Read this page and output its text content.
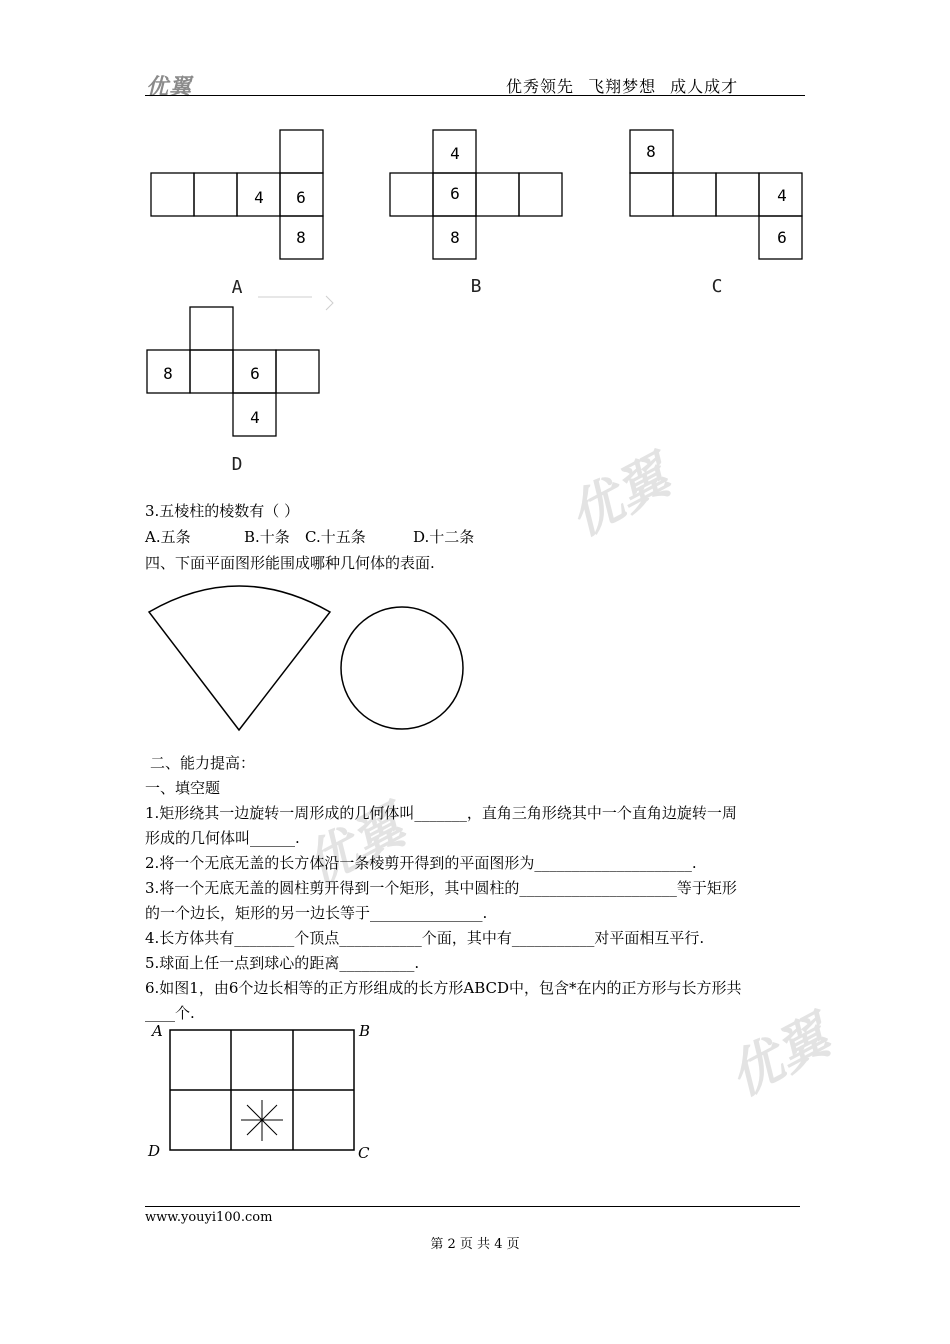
优翼	优秀领先 飞翔梦想 成人成才
优翼
优翼
优翼
4 6
8
4
6
8
8
4
6
8	6
4
A	B	C
D
3.五棱柱的棱数有（ ）
A.五条	B.十条 C.十五条	D.十二条
四、下面平面图形能围成哪种几何体的表面.
二、能力提高：
一、填空题
1.矩形绕其一边旋转一周形成的几何体叫_______，直角三角形绕其中一个直角边旋转一周
形成的几何体叫______.
2.将一个无底无盖的长方体沿一条棱剪开得到的平面图形为_____________________.
3.将一个无底无盖的圆柱剪开得到一个矩形，其中圆柱的_____________________等于矩形
的一个边长，矩形的另一边长等于_______________.
4.长方体共有________个顶点___________个面，其中有___________对平面相互平行.
5.球面上任一点到球心的距离__________.
6.如图1，由6个边长相等的正方形组成的长方形ABCD中，包含*在内的正方形与长方形共
____个.
A	B
C
D
www.youyi100.com
第 2 页 共 4 页
